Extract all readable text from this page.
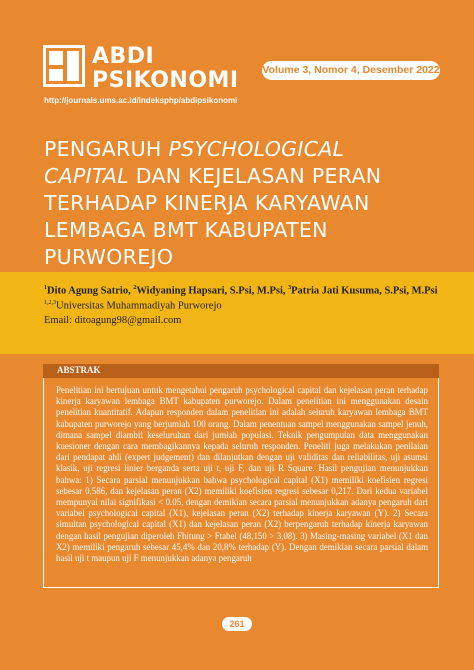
ABDI
PSIKONOMI
http://journals.ums.ac.id/indeksphp/abdipsikonomi
Volume 3, Nomor 4, Desember 2022
PENGARUH PSYCHOLOGICAL
CAPITAL DAN KEJELASAN PERAN
TERHADAP KINERJA KARYAWAN
LEMBAGA BMT KABUPATEN
PURWOREJO
$^1$Dito Agung Satrio, $^2$Widyaning Hapsari, S.Psi, M.Psi, $^3$Patria Jati Kusuma, S.Psi, M.Psi
$^{1,2,3}$Universitas Muhammadiyah Purworejo
Email: ditoagung98@gmail.com
ABSTRAK
Penelitian ini bertujuan untuk mengetahui pengaruh psychological capital dan kejelasan peran terhadap kinerja karyawan lembaga BMT kabupaten purworejo. Dalam penelitian ini menggunakan desain penelitian kuantitatif. Adapun responden dalam penelitian ini adalah seluruh karyawan lembaga BMT kabupaten purworejo yang berjumlah 100 orang. Dalam penentuan sampel menggunakan sampel jenuh, dimana sampel diambil keseluruhan dari jumlah populasi. Teknik pengumpulan data menggunakan kuesioner dengan cara membagikannya kepada seluruh responden. Peneliti juga melakukan penilaian dari pendapat ahli (expert judgement) dan dilanjutkan dengan uji validitas dan reliabilitas, uji asumsi klasik, uji regresi linier berganda serta uji t, uji F, dan uji R Square. Hasil pengujian menunjukkan bahwa: 1) Secara parsial menunjukkan bahwa psychological capital (X1) memiliki koefisien regresi sebesar 0,586, dan kejelasan peran (X2) memiliki koefisien regresi sebesar 0,217. Dari kedua variabel mempunyai nilai signifikasi < 0.05, dengan demikian secara parsial menunjukkan adanya pengaruh dari variabel psychological capital (X1), kejelasan peran (X2) terhadap kinerja karyawan (Y). 2) Secara simultan psychological capital (X1) dan kejelasan peran (X2) berpengaruh terhadap kinerja karyawan dengan hasil pengujian diperoleh Fhitung > Ftabel (48,150 > 3,08). 3) Masing-masing variabel (X1 dan X2) memiliki pengaruh sebesar 45,4% dan 20,8% terhadap (Y). Dengan demikian secara parsial dalam hasil uji t maupun uji F menunjukkan adanya pengaruh
261
